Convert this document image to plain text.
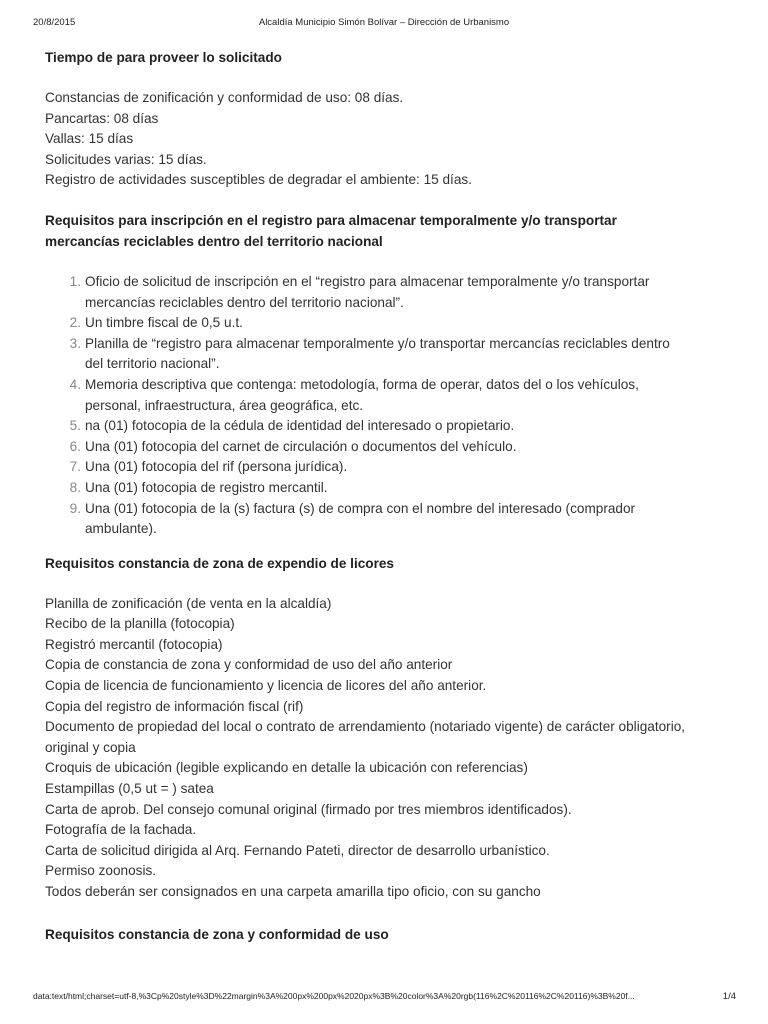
20/8/2015	Alcaldía Municipio Simón Bolívar – Dirección de Urbanismo
Tiempo de para proveer lo solicitado
Constancias de zonificación y conformidad de uso: 08 días.
Pancartas: 08 días
Vallas: 15 días
Solicitudes varias: 15 días.
Registro de actividades susceptibles de degradar el ambiente: 15 días.
Requisitos para inscripción en el registro para almacenar temporalmente y/o transportar
mercancías reciclables dentro del territorio nacional
1. Oficio de solicitud de inscripción en el “registro para almacenar temporalmente y/o transportar
mercancías reciclables dentro del territorio nacional”.
2. Un timbre fiscal de 0,5 u.t.
3. Planilla de “registro para almacenar temporalmente y/o transportar mercancías reciclables dentro
del territorio nacional”.
4. Memoria descriptiva que contenga: metodología, forma de operar, datos del o los vehículos,
personal, infraestructura, área geográfica, etc.
5. na (01) fotocopia de la cédula de identidad del interesado o propietario.
6. Una (01) fotocopia del carnet de circulación o documentos del vehículo.
7. Una (01) fotocopia del rif (persona jurídica).
8. Una (01) fotocopia de registro mercantil.
9. Una (01) fotocopia de la (s) factura (s) de compra con el nombre del interesado (comprador
ambulante).
Requisitos constancia de zona de expendio de licores
Planilla de zonificación (de venta en la alcaldía)
Recibo de la planilla (fotocopia)
Registró mercantil (fotocopia)
Copia de constancia de zona y conformidad de uso del año anterior
Copia de licencia de funcionamiento y licencia de licores del año anterior.
Copia del registro de información fiscal (rif)
Documento de propiedad del local o contrato de arrendamiento (notariado vigente) de carácter obligatorio,
original y copia
Croquis de ubicación (legible explicando en detalle la ubicación con referencias)
Estampillas (0,5 ut = ) satea
Carta de aprob. Del consejo comunal original (firmado por tres miembros identificados).
Fotografía de la fachada.
Carta de solicitud dirigida al Arq. Fernando Pateti, director de desarrollo urbanístico.
Permiso zoonosis.
Todos deberán ser consignados en una carpeta amarilla tipo oficio, con su gancho
Requisitos constancia de zona y conformidad de uso
data:text/html;charset=utf-8,%3Cp%20style%3D%22margin%3A%200px%200px%2020px%3B%20color%3A%20rgb(116%2C%20116%2C%20116)%3B%20f...	1/4
